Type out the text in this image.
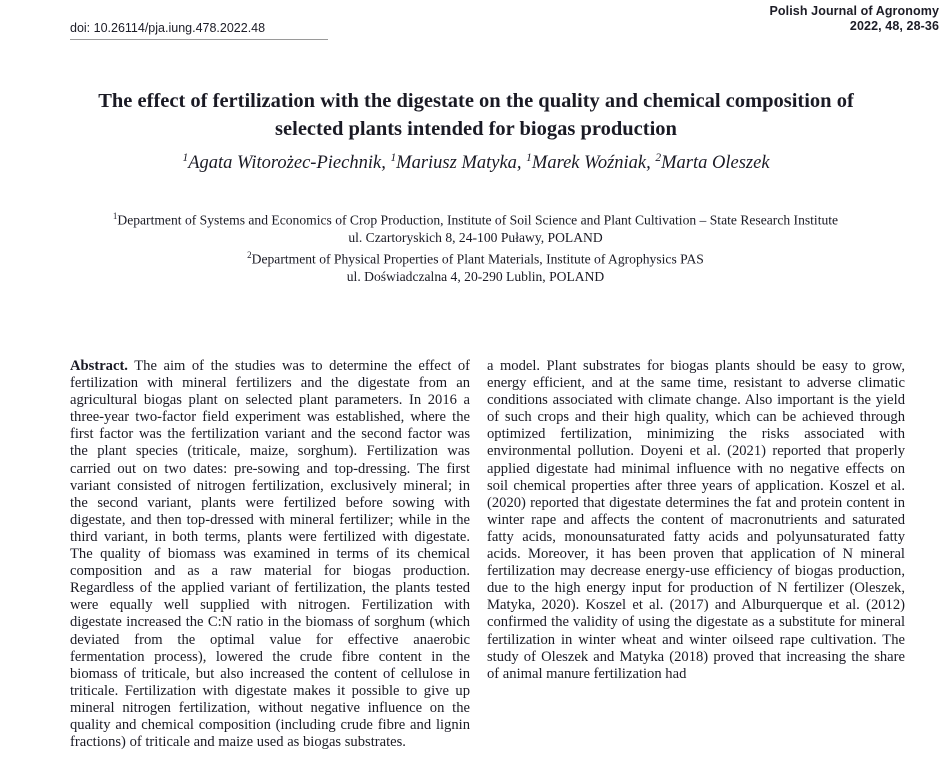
Polish Journal of Agronomy
2022, 48, 28-36
doi: 10.26114/pja.iung.478.2022.48
The effect of fertilization with the digestate on the quality and chemical composition of selected plants intended for biogas production
$^1$Agata Witorożec-Piechnik, $^1$Mariusz Matyka, $^1$Marek Woźniak, $^2$Marta Oleszek
$^1$Department of Systems and Economics of Crop Production, Institute of Soil Science and Plant Cultivation – State Research Institute
ul. Czartoryskich 8, 24-100 Puławy, POLAND
$^2$Department of Physical Properties of Plant Materials, Institute of Agrophysics PAS
ul. Doświadczalna 4, 20-290 Lublin, POLAND

Abstract. The aim of the studies was to determine the effect of fertilization with mineral fertilizers and the digestate from an agricultural biogas plant on selected plant parameters. In 2016 a three-year two-factor field experiment was established, where the first factor was the fertilization variant and the second factor was the plant species (triticale, maize, sorghum). Fertilization was carried out on two dates: pre-sowing and top-dressing. The first variant consisted of nitrogen fertilization, exclusively mineral; in the second variant, plants were fertilized before sowing with digestate, and then top-dressed with mineral fertilizer; while in the third variant, in both terms, plants were fertilized with digestate. The quality of biomass was examined in terms of its chemical composition and as a raw material for biogas production. Regardless of the applied variant of fertilization, the plants tested were equally well supplied with nitrogen. Fertilization with digestate increased the C:N ratio in the biomass of sorghum (which deviated from the optimal value for effective anaerobic fermentation process), lowered the crude fibre content in the biomass of triticale, but also increased the content of cellulose in triticale. Fertilization with digestate makes it possible to give up mineral nitrogen fertilization, without negative influence on the quality and chemical composition (including crude fibre and lignin fractions) of triticale and maize used as biogas substrates.

a model. Plant substrates for biogas plants should be easy to grow, energy efficient, and at the same time, resistant to adverse climatic conditions associated with climate change. Also important is the yield of such crops and their high quality, which can be achieved through optimized fertilization, minimizing the risks associated with environmental pollution. Doyeni et al. (2021) reported that properly applied digestate had minimal influence with no negative effects on soil chemical properties after three years of application. Koszel et al. (2020) reported that digestate determines the fat and protein content in winter rape and affects the content of macronutrients and saturated fatty acids, monounsaturated fatty acids and polyunsaturated fatty acids. Moreover, it has been proven that application of N mineral fertilization may decrease energy-use efficiency of biogas production, due to the high energy input for production of N fertilizer (Oleszek, Matyka, 2020). Koszel et al. (2017) and Alburquerque et al. (2012) confirmed the validity of using the digestate as a substitute for mineral fertilization in winter wheat and winter oilseed rape cultivation. The study of Oleszek and Matyka (2018) proved that increasing the share of animal manure fertilization had
